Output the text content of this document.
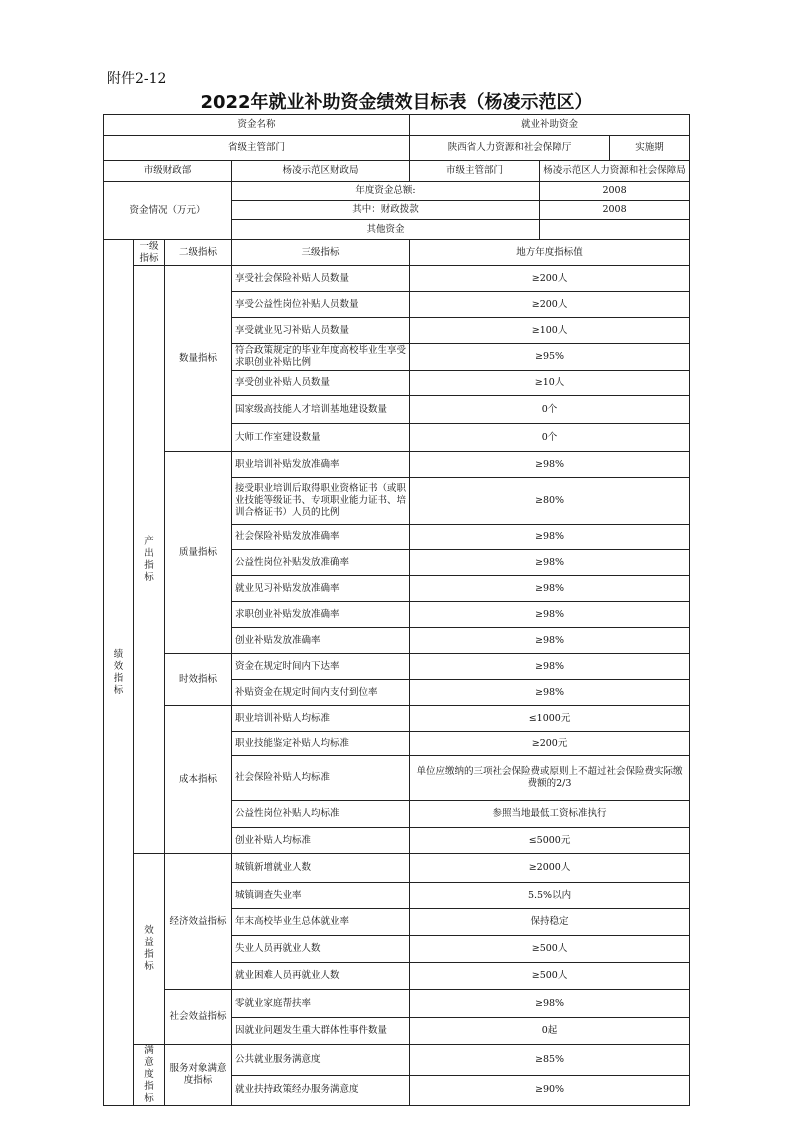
附件2-12
2022年就业补助资金绩效目标表（杨凌示范区）
资金名称				就业补助资金			
省级主管部门				陕西省人力资源和社会保障厅		实施期	
市级财政部			杨凌示范区财政局	市级主管部门	杨凌示范区人力资源和社会保障局		
资金情况（万元）			年度资金总额:		2008		
			其中：财政拨款		2008		
			其他资金				
绩
效
指
标	一级指标	二级指标	三级指标	地方年度指标值			
	产
出
指
标	数量指标	享受社会保险补贴人员数量	≥200人			
			享受公益性岗位补贴人员数量	≥200人			
			享受就业见习补贴人员数量	≥100人			
			符合政策规定的毕业年度高校毕业生享受求职创业补贴比例	≥95%			
			享受创业补贴人员数量	≥10人			
			国家级高技能人才培训基地建设数量	0个			
			大师工作室建设数量	0个			
		质量指标	职业培训补贴发放准确率	≥98%			
			接受职业培训后取得职业资格证书（或职业技能等级证书、专项职业能力证书、培训合格证书）人员的比例	≥80%			
			社会保险补贴发放准确率	≥98%			
			公益性岗位补贴发放准确率	≥98%			
			就业见习补贴发放准确率	≥98%			
			求职创业补贴发放准确率	≥98%			
			创业补贴发放准确率	≥98%			
		时效指标	资金在规定时间内下达率	≥98%			
			补贴资金在规定时间内支付到位率	≥98%			
		成本指标	职业培训补贴人均标准	≤1000元			
			职业技能鉴定补贴人均标准	≥200元			
			社会保险补贴人均标准	单位应缴纳的三项社会保险费或原则上不超过社会保险费实际缴费额的2/3			
			公益性岗位补贴人均标准	参照当地最低工资标准执行			
			创业补贴人均标准	≤5000元			
	效
益
指
标	经济效益指标	城镇新增就业人数	≥2000人			
			城镇调查失业率	5.5%以内			
			年末高校毕业生总体就业率	保持稳定			
			失业人员再就业人数	≥500人			
			就业困难人员再就业人数	≥500人			
		社会效益指标	零就业家庭帮扶率	≥98%			
			因就业问题发生重大群体性事件数量	0起			
	满
意
度
指
标	服务对象满意度指标	公共就业服务满意度	≥85%			
			就业扶持政策经办服务满意度	≥90%			
